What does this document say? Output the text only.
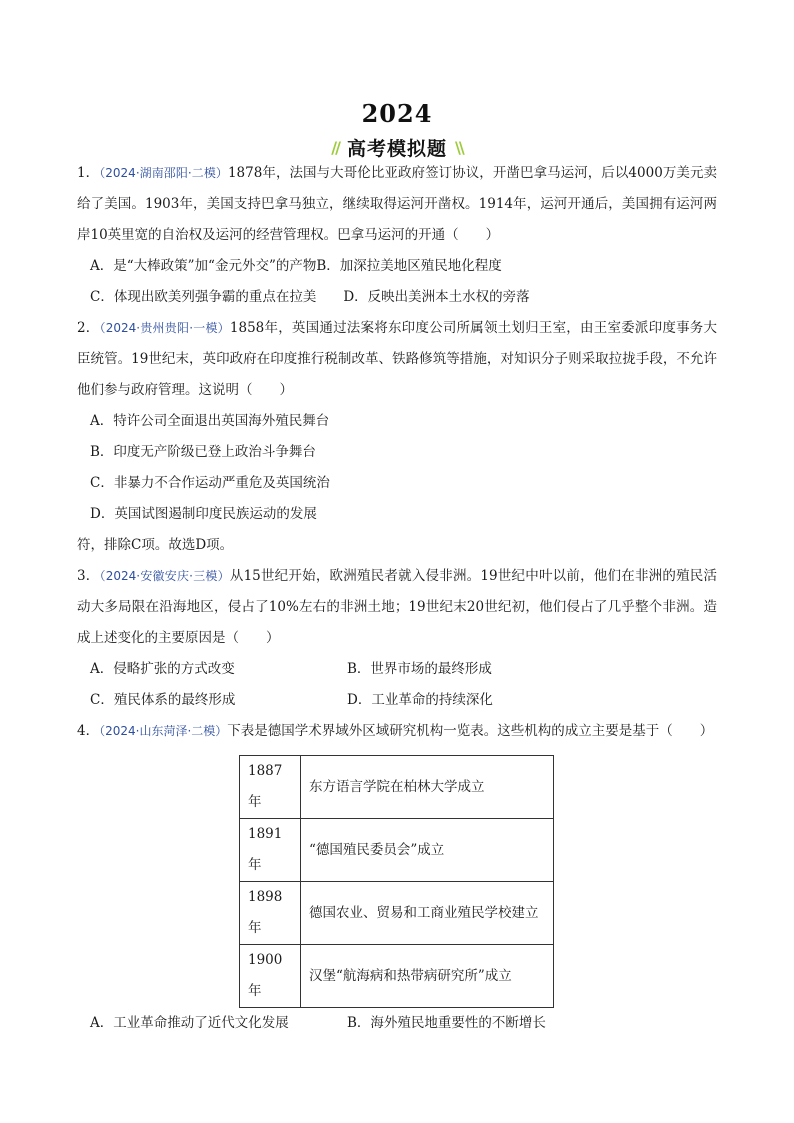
2024
// 高考模拟题 \\
1．（2024·湖南邵阳·二模）1878年，法国与大哥伦比亚政府签订协议，开凿巴拿马运河，后以4000万美元卖给了美国。1903年，美国支持巴拿马独立，继续取得运河开凿权。1914年，运河开通后，美国拥有运河两岸10英里宽的自治权及运河的经营管理权。巴拿马运河的开通（　　）
A．是“大棒政策”加“金元外交”的产物B．加深拉美地区殖民地化程度
C．体现出欧美列强争霸的重点在拉美　　D．反映出美洲本土水权的旁落
2．（2024·贵州贵阳·一模）1858年，英国通过法案将东印度公司所属领土划归王室，由王室委派印度事务大臣统管。19世纪末，英印政府在印度推行税制改革、铁路修筑等措施，对知识分子则采取拉拢手段，不允许他们参与政府管理。这说明（　　）
A．特许公司全面退出英国海外殖民舞台
B．印度无产阶级已登上政治斗争舞台
C．非暴力不合作运动严重危及英国统治
D．英国试图遏制印度民族运动的发展
符，排除C项。故选D项。
3．（2024·安徽安庆·三模）从15世纪开始，欧洲殖民者就入侵非洲。19世纪中叶以前，他们在非洲的殖民活动大多局限在沿海地区，侵占了10%左右的非洲土地；19世纪末20世纪初，他们侵占了几乎整个非洲。造成上述变化的主要原因是（　　）
A．侵略扩张的方式改变	B．世界市场的最终形成
C．殖民体系的最终形成	D．工业革命的持续深化
4．（2024·山东菏泽·二模）下表是德国学术界域外区域研究机构一览表。这些机构的成立主要是基于（　　）
1887年	东方语言学院在柏林大学成立
1891年	“德国殖民委员会”成立
1898年	德国农业、贸易和工商业殖民学校建立
1900年	汉堡“航海病和热带病研究所”成立
A．工业革命推动了近代文化发展	B．海外殖民地重要性的不断增长
